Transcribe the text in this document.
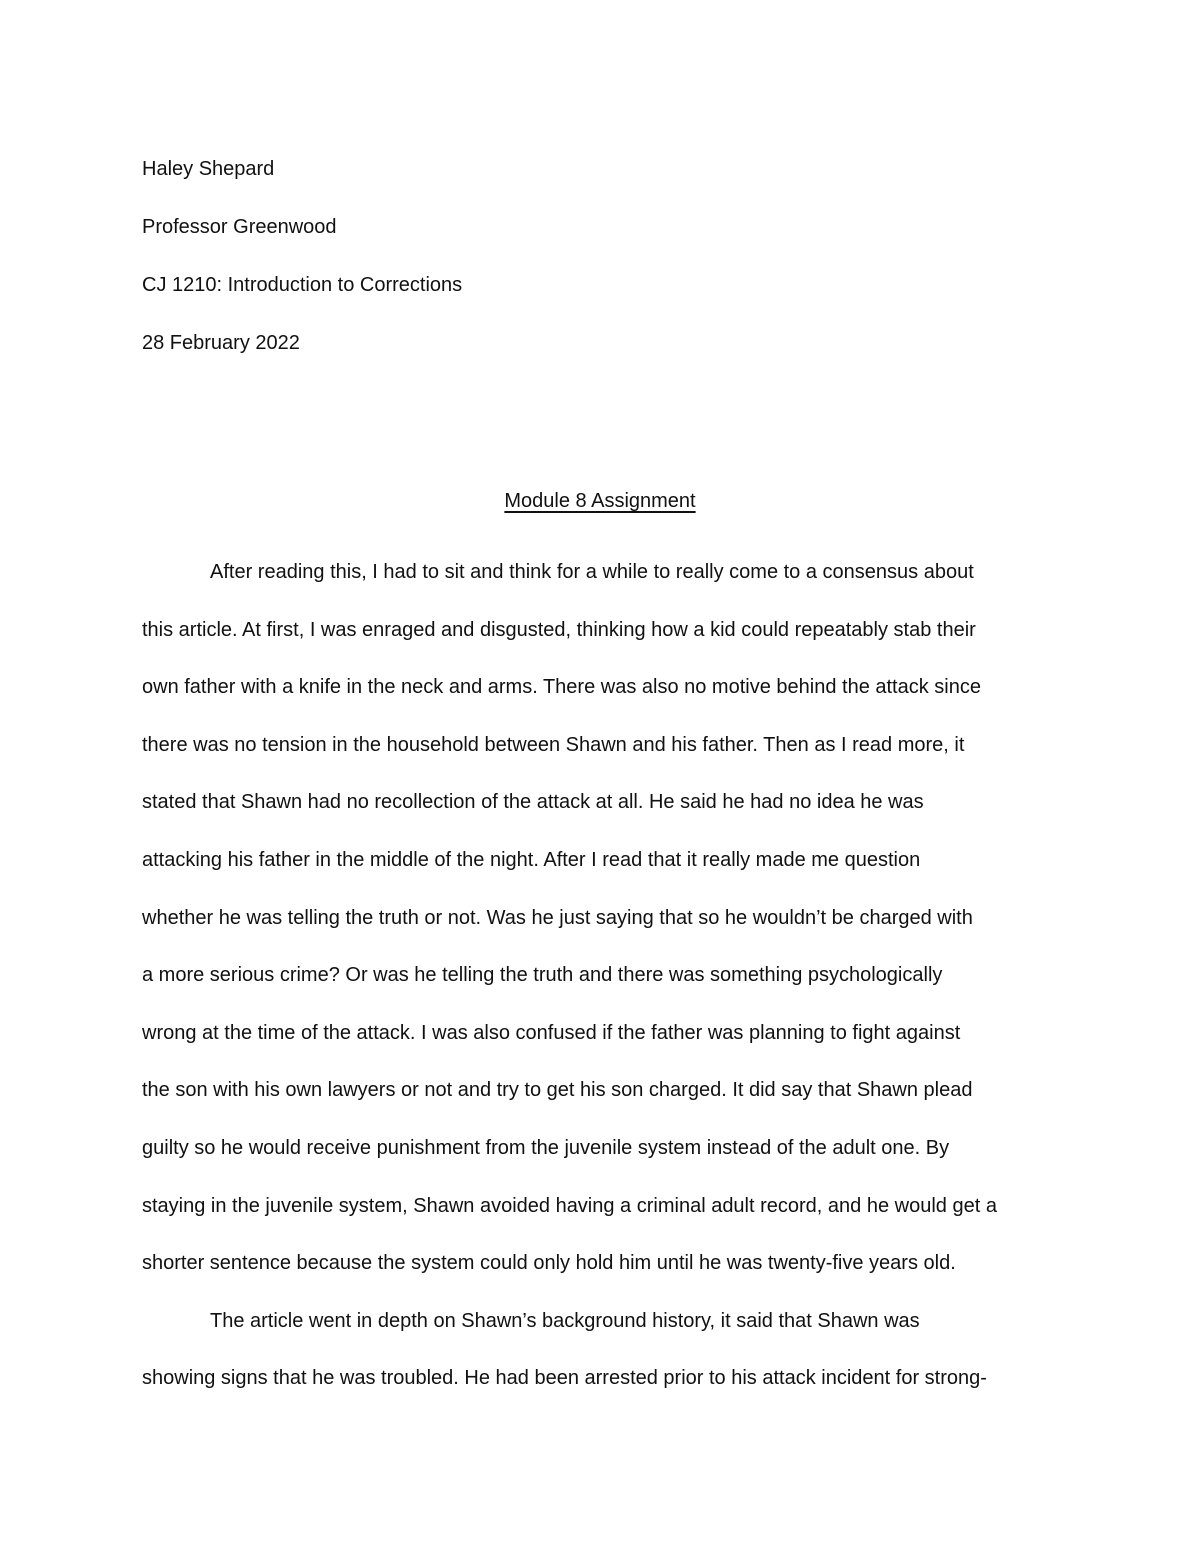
Haley Shepard
Professor Greenwood
CJ 1210: Introduction to Corrections
28 February 2022
Module 8 Assignment
After reading this, I had to sit and think for a while to really come to a consensus about
this article. At first, I was enraged and disgusted, thinking how a kid could repeatably stab their
own father with a knife in the neck and arms. There was also no motive behind the attack since
there was no tension in the household between Shawn and his father. Then as I read more, it
stated that Shawn had no recollection of the attack at all. He said he had no idea he was
attacking his father in the middle of the night. After I read that it really made me question
whether he was telling the truth or not. Was he just saying that so he wouldn’t be charged with
a more serious crime? Or was he telling the truth and there was something psychologically
wrong at the time of the attack. I was also confused if the father was planning to fight against
the son with his own lawyers or not and try to get his son charged. It did say that Shawn plead
guilty so he would receive punishment from the juvenile system instead of the adult one. By
staying in the juvenile system, Shawn avoided having a criminal adult record, and he would get a
shorter sentence because the system could only hold him until he was twenty-five years old.
The article went in depth on Shawn’s background history, it said that Shawn was
showing signs that he was troubled. He had been arrested prior to his attack incident for strong-
